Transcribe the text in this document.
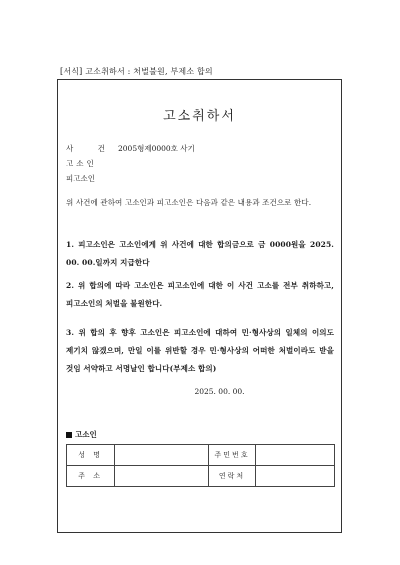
[서식] 고소취하서 : 처벌불원, 부제소 합의
고소취하서
사 건 2005형제0000호 사기
고소인
피고소인
위 사건에 관하여 고소인과 피고소인은 다음과 같은 내용과 조건으로 한다.
1. 피고소인은 고소인에게 위 사건에 대한 합의금으로 금 0000원을 2025. 00. 00.일까지 지급한다
2. 위 합의에 따라 고소인은 피고소인에 대한 이 사건 고소를 전부 취하하고, 피고소인의 처벌을 불원한다.
3. 위 합의 후 향후 고소인은 피고소인에 대하여 민·형사상의 일체의 이의도 제기치 않겠으며, 만일 이를 위반할 경우 민·형사상의 어떠한 처벌이라도 받을 것임 서약하고 서명날인 합니다(부제소 합의)
2025. 00. 00.
고소인
성 명		주민번호	
주 소		연락처	
